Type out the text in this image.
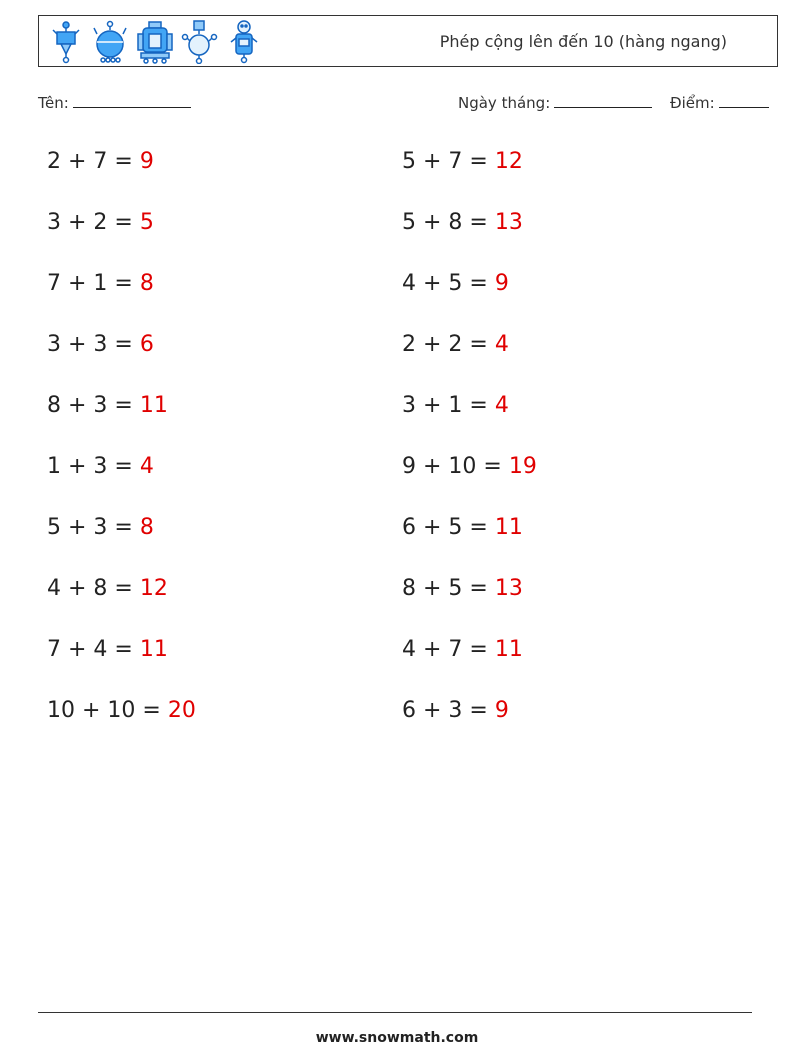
Phép cộng lên đến 10 (hàng ngang)
Tên:	Ngày tháng:	Điểm:
2 + 7 = 9
3 + 2 = 5
7 + 1 = 8
3 + 3 = 6
8 + 3 = 11
1 + 3 = 4
5 + 3 = 8
4 + 8 = 12
7 + 4 = 11
10 + 10 = 20
5 + 7 = 12
5 + 8 = 13
4 + 5 = 9
2 + 2 = 4
3 + 1 = 4
9 + 10 = 19
6 + 5 = 11
8 + 5 = 13
4 + 7 = 11
6 + 3 = 9
www.snowmath.com
